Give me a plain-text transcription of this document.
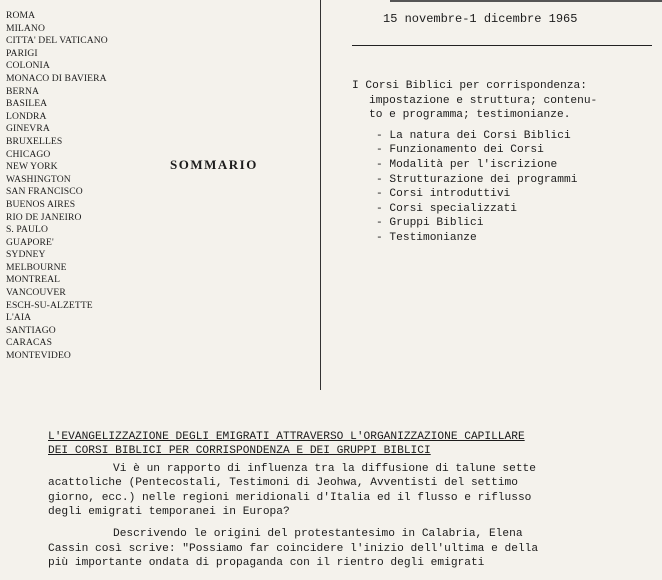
ROMA
MILANO
CITTA' DEL VATICANO
PARIGI
COLONIA
MONACO DI BAVIERA
BERNA
BASILEA
LONDRA
GINEVRA
BRUXELLES
CHICAGO
NEW YORK
WASHINGTON
SAN FRANCISCO
BUENOS AIRES
RIO DE JANEIRO
S. PAULO
GUAPORE'
SYDNEY
MELBOURNE
MONTREAL
VANCOUVER
ESCH-SU-ALZETTE
L'AIA
SANTIAGO
CARACAS
MONTEVIDEO
SOMMARIO
15 novembre-1 dicembre 1965
I Corsi Biblici per corrispondenza:
impostazione e struttura; contenu-
to e programma; testimonianze.
- La natura dei Corsi Biblici
- Funzionamento dei Corsi
- Modalità per l'iscrizione
- Strutturazione dei programmi
- Corsi introduttivi
- Corsi specializzati
- Gruppi Biblici
- Testimonianze
L'EVANGELIZZAZIONE DEGLI EMIGRATI ATTRAVERSO L'ORGANIZZAZIONE CAPILLARE
DEI CORSI BIBLICI PER CORRISPONDENZA E DEI GRUPPI BIBLICI
Vi è un rapporto di influenza tra la diffusione di talune sette
acattoliche (Pentecostali, Testimoni di Jeohwa, Avventisti del settimo
giorno, ecc.) nelle regioni meridionali d'Italia ed il flusso e riflusso
degli emigrati temporanei in Europa?
Descrivendo le origini del protestantesimo in Calabria, Elena
Cassin così scrive: "Possiamo far coincidere l'inizio dell'ultima e della
più importante ondata di propaganda con il rientro degli emigrati
